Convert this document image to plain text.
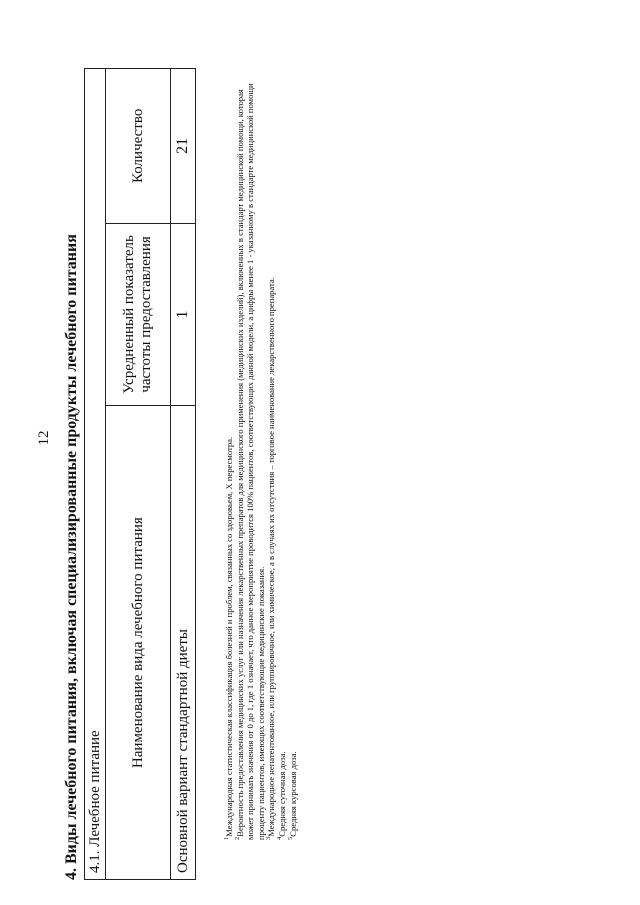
12 4. Виды лечебного питания, включая специализированные продукты лечебного питания 4.1. Лечебное питание		
Наименование вида лечебного питания	Усредненный показатель частоты предоставления	Количество
Основной вариант стандартной диеты	1	21

$^1$Международная статистическая классификация болезней и проблем, связанных со здоровьем, X пересмотра.

$^2$Вероятность предоставления медицинских услуг или назначения лекарственных препаратов для медицинского применения (медицинских изделий), включенных в стандарт медицинской помощи, которая может принимать значения от 0 до 1, где 1 означает, что данное мероприятие проводится 100% пациентов, соответствующих данной модели, а цифры менее 1 - указанному в стандарте медицинской помощи проценту пациентов, имеющих соответствующие медицинские показания. $^3$Международное непатентованное, или группировочное, или химическое, а в случаях их отсутствия – торговое наименование лекарственного препарата.

$^4$Средняя суточная доза.

$^5$Средняя курсовая доза.
